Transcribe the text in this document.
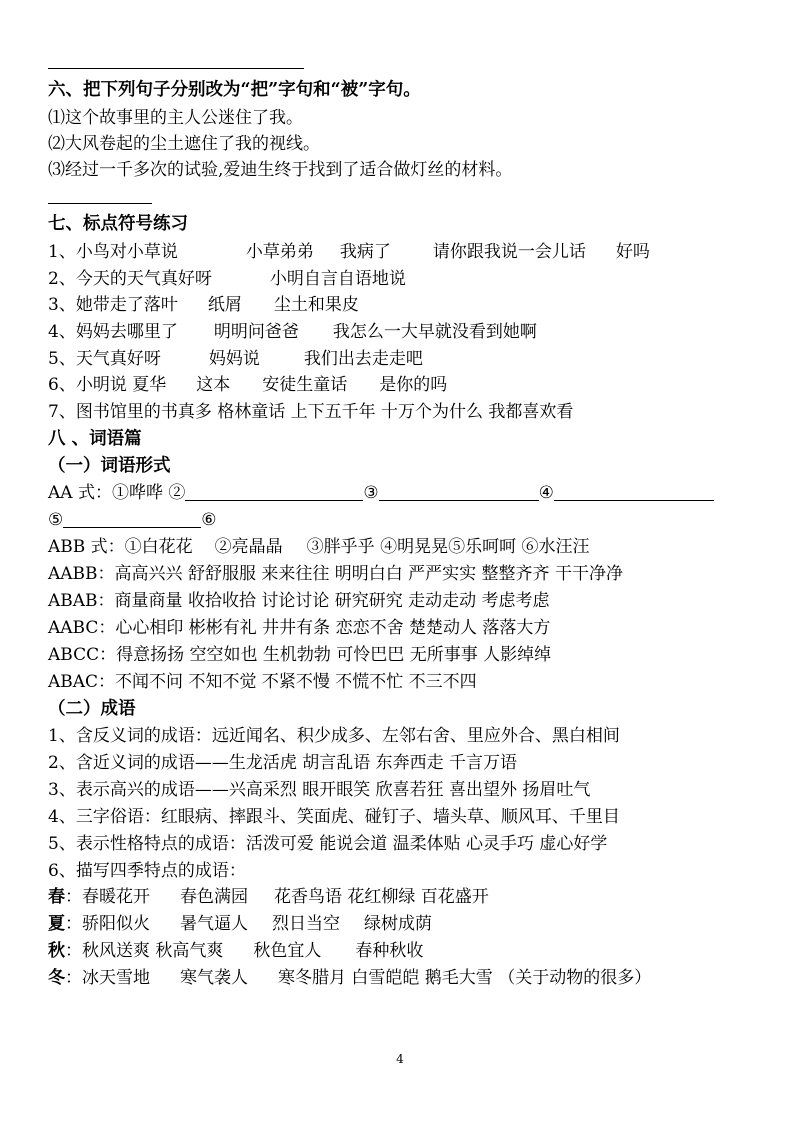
六、把下列句子分别改为“把”字句和“被”字句。
⑴这个故事里的主人公迷住了我。
⑵大风卷起的尘土遮住了我的视线。
⑶经过一千多次的试验,爱迪生终于找到了适合做灯丝的材料。
七、标点符号练习
1、小鸟对小草说	小草弟弟 我病了 请你跟我说一会儿话 好吗
2、今天的天气真好呀	小明自言自语地说
3、她带走了落叶 纸屑 尘土和果皮
4、妈妈去哪里了 明明问爸爸 我怎么一大早就没看到她啊
5、天气真好呀	妈妈说	我们出去走走吧
6、小明说 夏华 这本 安徒生童话 是你的吗
7、图书馆里的书真多 格林童话 上下五千年 十万个为什么 我都喜欢看
八 、词语篇
（一）词语形式
AA 式：①哗哗 ②	③	④
⑤	⑥
ABB 式：①白花花 ②亮晶晶 ③胖乎乎 ④明晃晃⑤乐呵呵 ⑥水汪汪
AABB：高高兴兴 舒舒服服 来来往往 明明白白 严严实实 整整齐齐 干干净净
ABAB：商量商量 收拾收拾 讨论讨论 研究研究 走动走动 考虑考虑
AABC：心心相印 彬彬有礼 井井有条 恋恋不舍 楚楚动人 落落大方
ABCC：得意扬扬 空空如也 生机勃勃 可怜巴巴 无所事事 人影绰绰
ABAC：不闻不问 不知不觉 不紧不慢 不慌不忙 不三不四
（二）成语
1、含反义词的成语：远近闻名、积少成多、左邻右舍、里应外合、黑白相间
2、含近义词的成语——生龙活虎 胡言乱语 东奔西走 千言万语
3、表示高兴的成语——兴高采烈 眼开眼笑 欣喜若狂 喜出望外 扬眉吐气
4、三字俗语：红眼病、摔跟斗、笑面虎、碰钉子、墙头草、顺风耳、千里目
5、表示性格特点的成语：活泼可爱 能说会道 温柔体贴 心灵手巧 虚心好学
6、描写四季特点的成语：
春：春暖花开 春色满园 花香鸟语 花红柳绿 百花盛开
夏：骄阳似火 暑气逼人 烈日当空 绿树成荫
秋：秋风送爽 秋高气爽 秋色宜人 春种秋收
冬：冰天雪地 寒气袭人 寒冬腊月 白雪皑皑 鹅毛大雪 （关于动物的很多）
4
